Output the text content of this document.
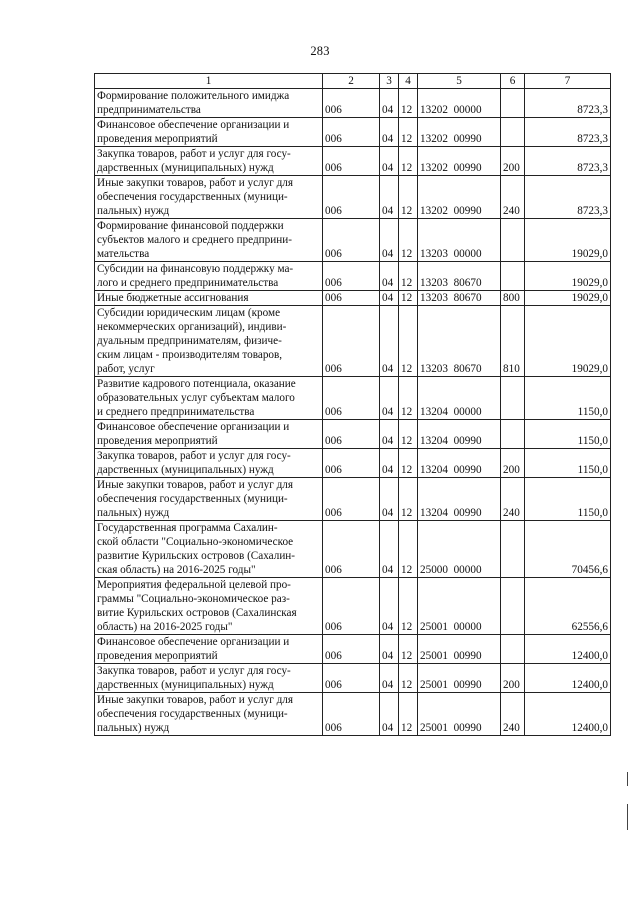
283
1	2	3	4	5	6	7
Формирование положительного имиджа
предпринимательства	006	04	12	13202  00000		8723,3
Финансовое обеспечение организации и
проведения мероприятий	006	04	12	13202  00990		8723,3
Закупка товаров, работ и услуг для госу-
дарственных (муниципальных) нужд	006	04	12	13202  00990	200	8723,3
Иные закупки товаров, работ и услуг для
обеспечения государственных (муници-
пальных) нужд	006	04	12	13202  00990	240	8723,3
Формирование финансовой поддержки
субъектов малого и среднего предприни-
мательства	006	04	12	13203  00000		19029,0
Субсидии на финансовую поддержку ма-
лого и среднего предпринимательства	006	04	12	13203  80670		19029,0
Иные бюджетные ассигнования	006	04	12	13203  80670	800	19029,0
Субсидии юридическим лицам (кроме
некоммерческих организаций), индиви-
дуальным предпринимателям, физиче-
ским лицам - производителям товаров,
работ, услуг	006	04	12	13203  80670	810	19029,0
Развитие кадрового потенциала, оказание
образовательных услуг субъектам малого
и среднего предпринимательства	006	04	12	13204  00000		1150,0
Финансовое обеспечение организации и
проведения мероприятий	006	04	12	13204  00990		1150,0
Закупка товаров, работ и услуг для госу-
дарственных (муниципальных) нужд	006	04	12	13204  00990	200	1150,0
Иные закупки товаров, работ и услуг для
обеспечения государственных (муници-
пальных) нужд	006	04	12	13204  00990	240	1150,0
Государственная программа Сахалин-
ской области "Социально-экономическое
развитие Курильских островов (Сахалин-
ская область) на 2016-2025 годы"	006	04	12	25000  00000		70456,6
Мероприятия федеральной целевой про-
граммы "Социально-экономическое раз-
витие Курильских островов (Сахалинская
область) на 2016-2025 годы"	006	04	12	25001  00000		62556,6
Финансовое обеспечение организации и
проведения мероприятий	006	04	12	25001  00990		12400,0
Закупка товаров, работ и услуг для госу-
дарственных (муниципальных) нужд	006	04	12	25001  00990	200	12400,0
Иные закупки товаров, работ и услуг для
обеспечения государственных (муници-
пальных) нужд	006	04	12	25001  00990	240	12400,0
